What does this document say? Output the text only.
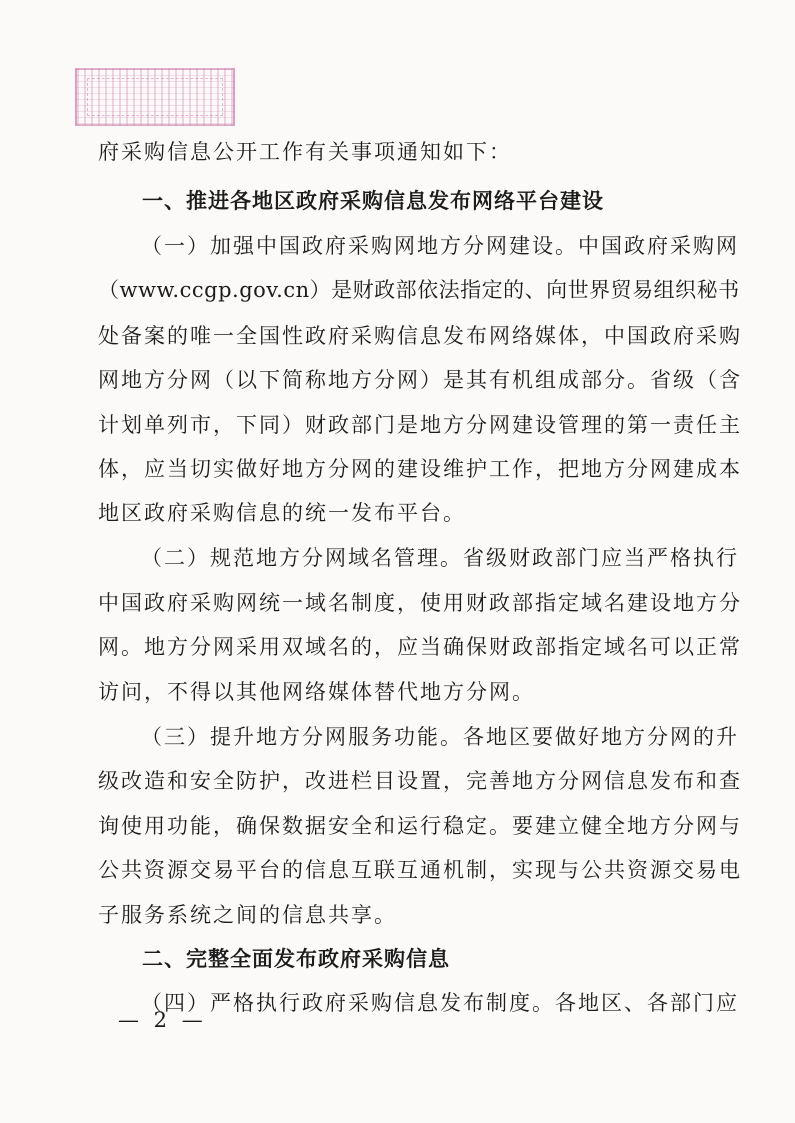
府采购信息公开工作有关事项通知如下：
一、推进各地区政府采购信息发布网络平台建设
（一）加强中国政府采购网地方分网建设。中国政府采购网
（www.ccgp.gov.cn）是财政部依法指定的、向世界贸易组织秘书
处备案的唯一全国性政府采购信息发布网络媒体，中国政府采购
网地方分网（以下简称地方分网）是其有机组成部分。省级（含
计划单列市，下同）财政部门是地方分网建设管理的第一责任主
体，应当切实做好地方分网的建设维护工作，把地方分网建成本
地区政府采购信息的统一发布平台。
（二）规范地方分网域名管理。省级财政部门应当严格执行
中国政府采购网统一域名制度，使用财政部指定域名建设地方分
网。地方分网采用双域名的，应当确保财政部指定域名可以正常
访问，不得以其他网络媒体替代地方分网。
（三）提升地方分网服务功能。各地区要做好地方分网的升
级改造和安全防护，改进栏目设置，完善地方分网信息发布和查
询使用功能，确保数据安全和运行稳定。要建立健全地方分网与
公共资源交易平台的信息互联互通机制，实现与公共资源交易电
子服务系统之间的信息共享。
二、完整全面发布政府采购信息
（四）严格执行政府采购信息发布制度。各地区、各部门应
— 2 —
